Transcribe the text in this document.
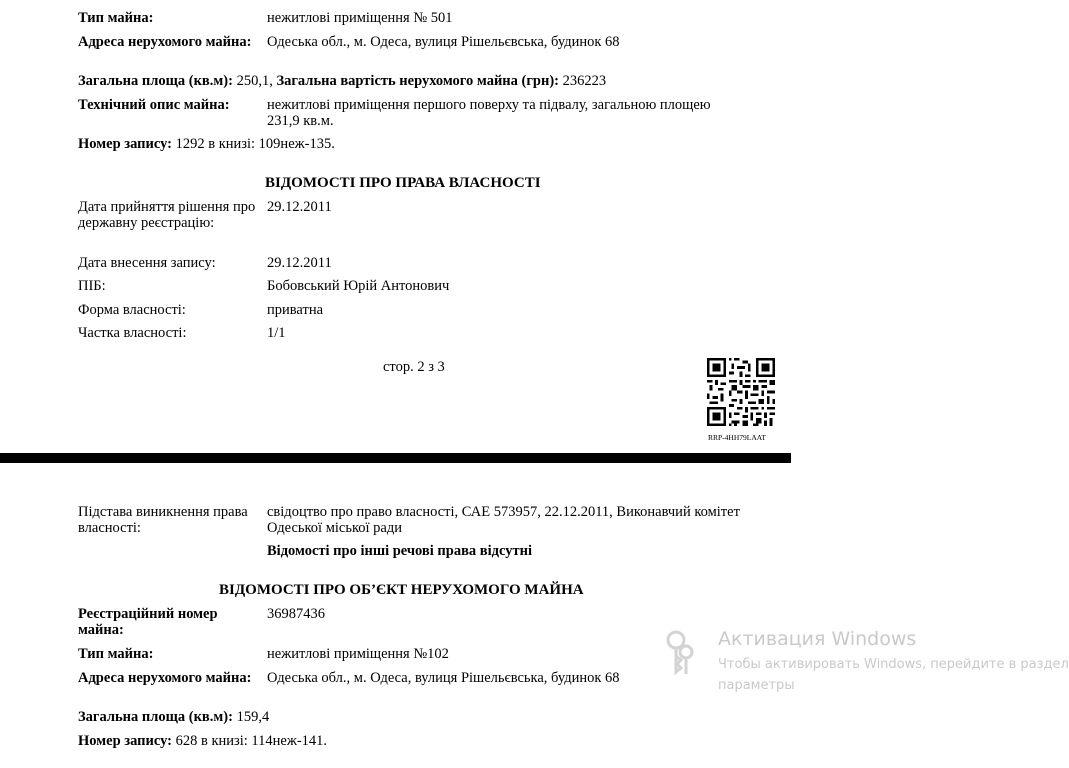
Тип майна:	нежитлові приміщення № 501
Адреса нерухомого майна: Одеська обл., м. Одеса, вулиця Рішельєвська, будинок 68
Загальна площа (кв.м): 250,1, Загальна вартість нерухомого майна (грн): 236223
Технічний опис майна:	нежитлові приміщення першого поверху та підвалу, загальною площею 231,9 кв.м.
Номер запису: 1292 в книзі: 109неж-135.
ВІДОМОСТІ ПРО ПРАВА ВЛАСНОСТІ
Дата прийняття рішення про державну реєстрацію:
29.12.2011
Дата внесення запису:	29.12.2011
ПІБ:	Бобовський Юрій Антонович
Форма власності:	приватна
Частка власності:	1/1
стор. 2 з 3
RRP-4HH79LAAT
Підстава виникнення права власності:
свідоцтво про право власності, САЕ 573957, 22.12.2011, Виконавчий комітет Одеської міської ради
Відомості про інші речові права відсутні
ВІДОМОСТІ ПРО ОБ’ЄКТ НЕРУХОМОГО МАЙНА
Реєстраційний номер майна:
36987436
Тип майна:	нежитлові приміщення №102
Адреса нерухомого майна: Одеська обл., м. Одеса, вулиця Рішельєвська, будинок 68
Загальна площа (кв.м): 159,4
Номер запису: 628 в книзі: 114неж-141.
Активация Windows
Чтобы активировать Windows, перейдите в раздел
параметры
